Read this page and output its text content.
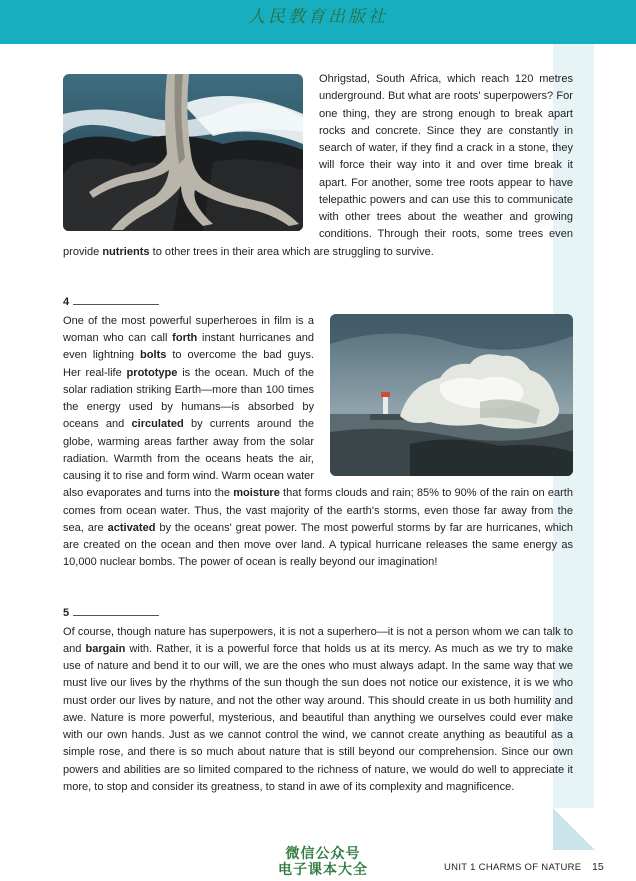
人民教育出版社

Ohrigstad, South Africa, which reach 120 metres underground. But what are roots' superpowers? For one thing, they are strong enough to break apart rocks and concrete. Since they are constantly in search of water, if they find a crack in a stone, they will force their way into it and over time break it apart. For another, some tree roots appear to have telepathic powers and can use this to communicate with other trees about the weather and growing conditions. Through their roots, some trees even provide nutrients to other trees in their area which are struggling to survive.

4

One of the most powerful superheroes in film is a woman who can call forth instant hurricanes and even lightning bolts to overcome the bad guys. Her real-life prototype is the ocean. Much of the solar radiation striking Earth—more than 100 times the energy used by humans—is absorbed by oceans and circulated by currents around the globe, warming areas farther away from the solar radiation. Warmth from the oceans heats the air, causing it to rise and form wind. Warm ocean water also evaporates and turns into the moisture that forms clouds and rain; 85% to 90% of the rain on earth comes from ocean water. Thus, the vast majority of the earth's storms, even those far away from the sea, are activated by the oceans' great power. The most powerful storms by far are hurricanes, which are created on the ocean and then move over land. A typical hurricane releases the same energy as 10,000 nuclear bombs. The power of ocean is really beyond our imagination!

5

Of course, though nature has superpowers, it is not a superhero—it is not a person whom we can talk to and bargain with. Rather, it is a powerful force that holds us at its mercy. As much as we try to make use of nature and bend it to our will, we are the ones who must always adapt. In the same way that we must live our lives by the rhythms of the sun though the sun does not notice our existence, it is we who must order our lives by nature, and not the other way around. This should create in us both humility and awe. Nature is more powerful, mysterious, and beautiful than anything we ourselves could ever make with our own hands. Just as we cannot control the wind, we cannot create anything as beautiful as a simple rose, and there is so much about nature that is still beyond our comprehension. Since our own powers and abilities are so limited compared to the richness of nature, we would do well to appreciate it more, to stop and consider its greatness, to stand in awe of its complexity and magnificence.

微信公众号
电子课本大全	UNIT 1 CHARMS OF NATURE 15
